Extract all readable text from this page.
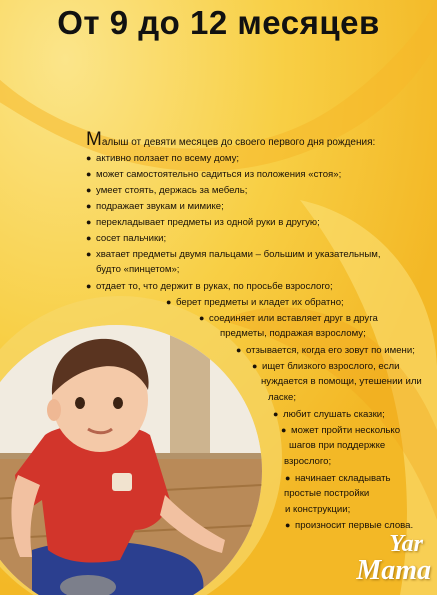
От 9 до 12 месяцев

Малыш от девяти месяцев до своего первого дня рождения:

● активно ползает по всему дому;

● может самостоятельно садиться из положения «стоя»;

● умеет стоять, держась за мебель;

● подражает звукам и мимике;

● перекладывает предметы из одной руки в другую;

● сосет пальчики;

● хватает предметы двумя пальцами – большим и указательным,

будто «пинцетом»;

● отдает то, что держит в руках, по просьбе взрослого;

● берет предметы и кладет их обратно;

● соединяет или вставляет друг в друга

предметы, подражая взрослому;

● отзывается, когда его зовут по имени;

● ищет близкого взрослого, если

нуждается в помощи, утешении или

ласке;

● любит слушать сказки;

● может пройти несколько

шагов при поддержке

взрослого;

● начинает складывать

простые постройки

и конструкции;

● произносит первые слова.

Yar
Mama
